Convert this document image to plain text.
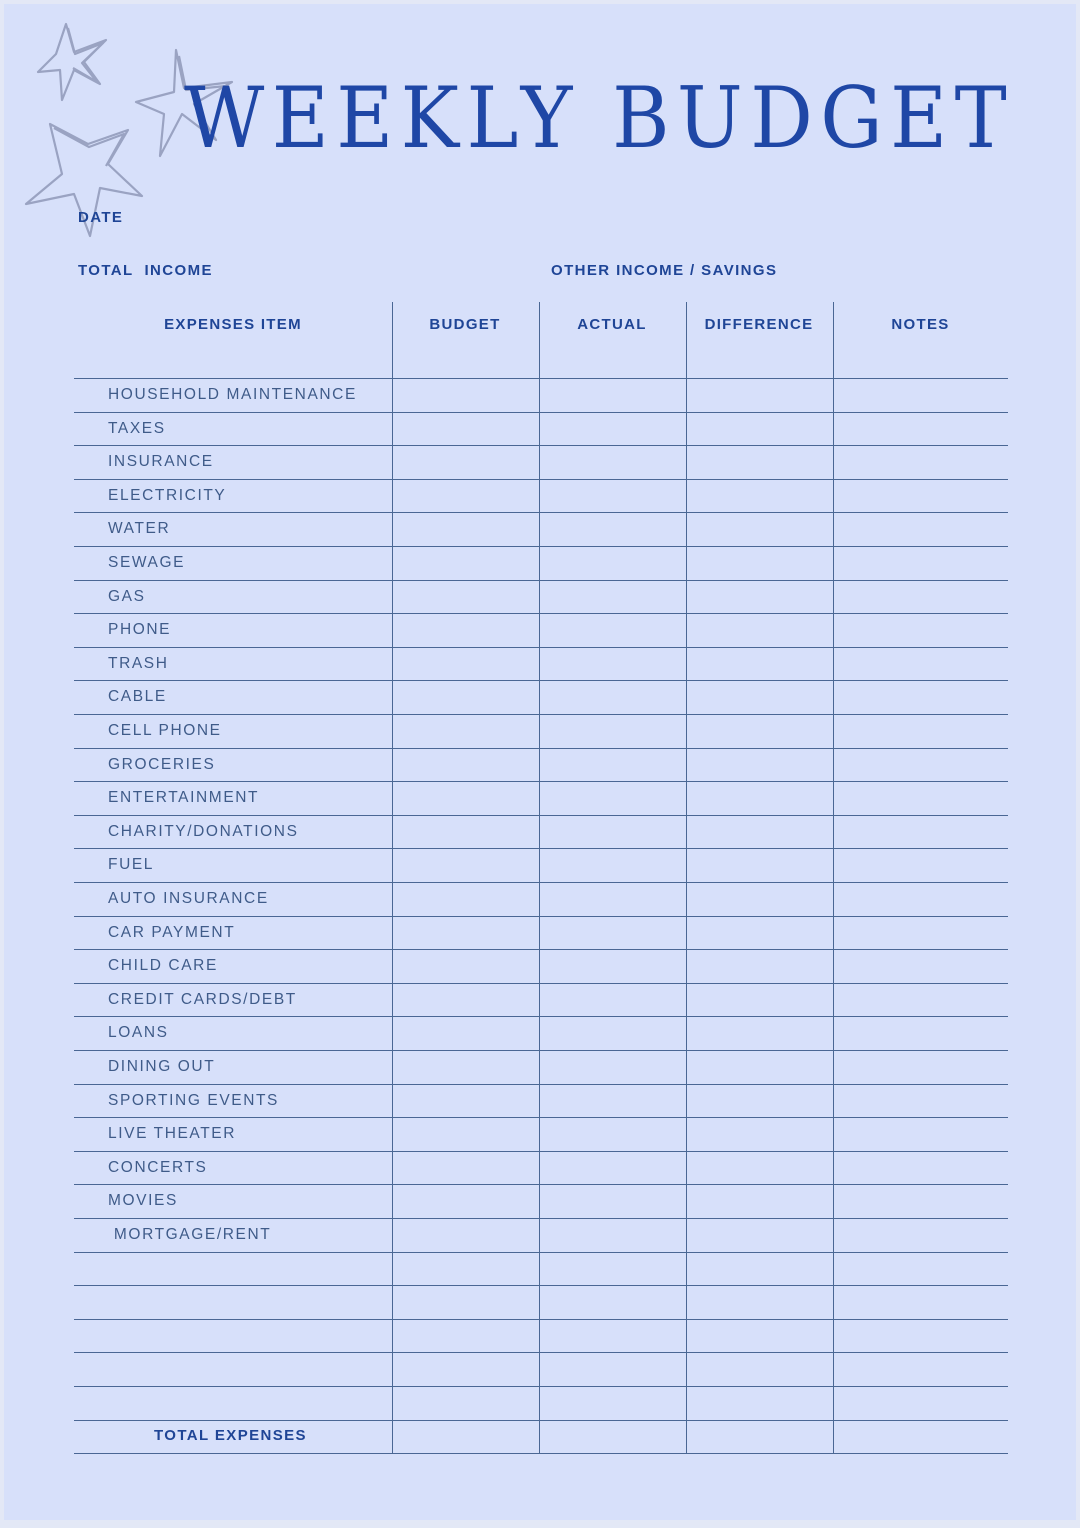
WEEKLY BUDGET
DATE
TOTAL  INCOME	OTHER INCOME / SAVINGS
EXPENSES ITEM	BUDGET	ACTUAL	DIFFERENCE	NOTES
HOUSEHOLD MAINTENANCE
TAXES
INSURANCE
ELECTRICITY
WATER
SEWAGE
GAS
PHONE
TRASH
CABLE
CELL PHONE
GROCERIES
ENTERTAINMENT
CHARITY/DONATIONS
FUEL
AUTO INSURANCE
CAR PAYMENT
CHILD CARE
CREDIT CARDS/DEBT
LOANS
DINING OUT
SPORTING EVENTS
LIVE THEATER
CONCERTS
MOVIES
MORTGAGE/RENT
TOTAL EXPENSES
